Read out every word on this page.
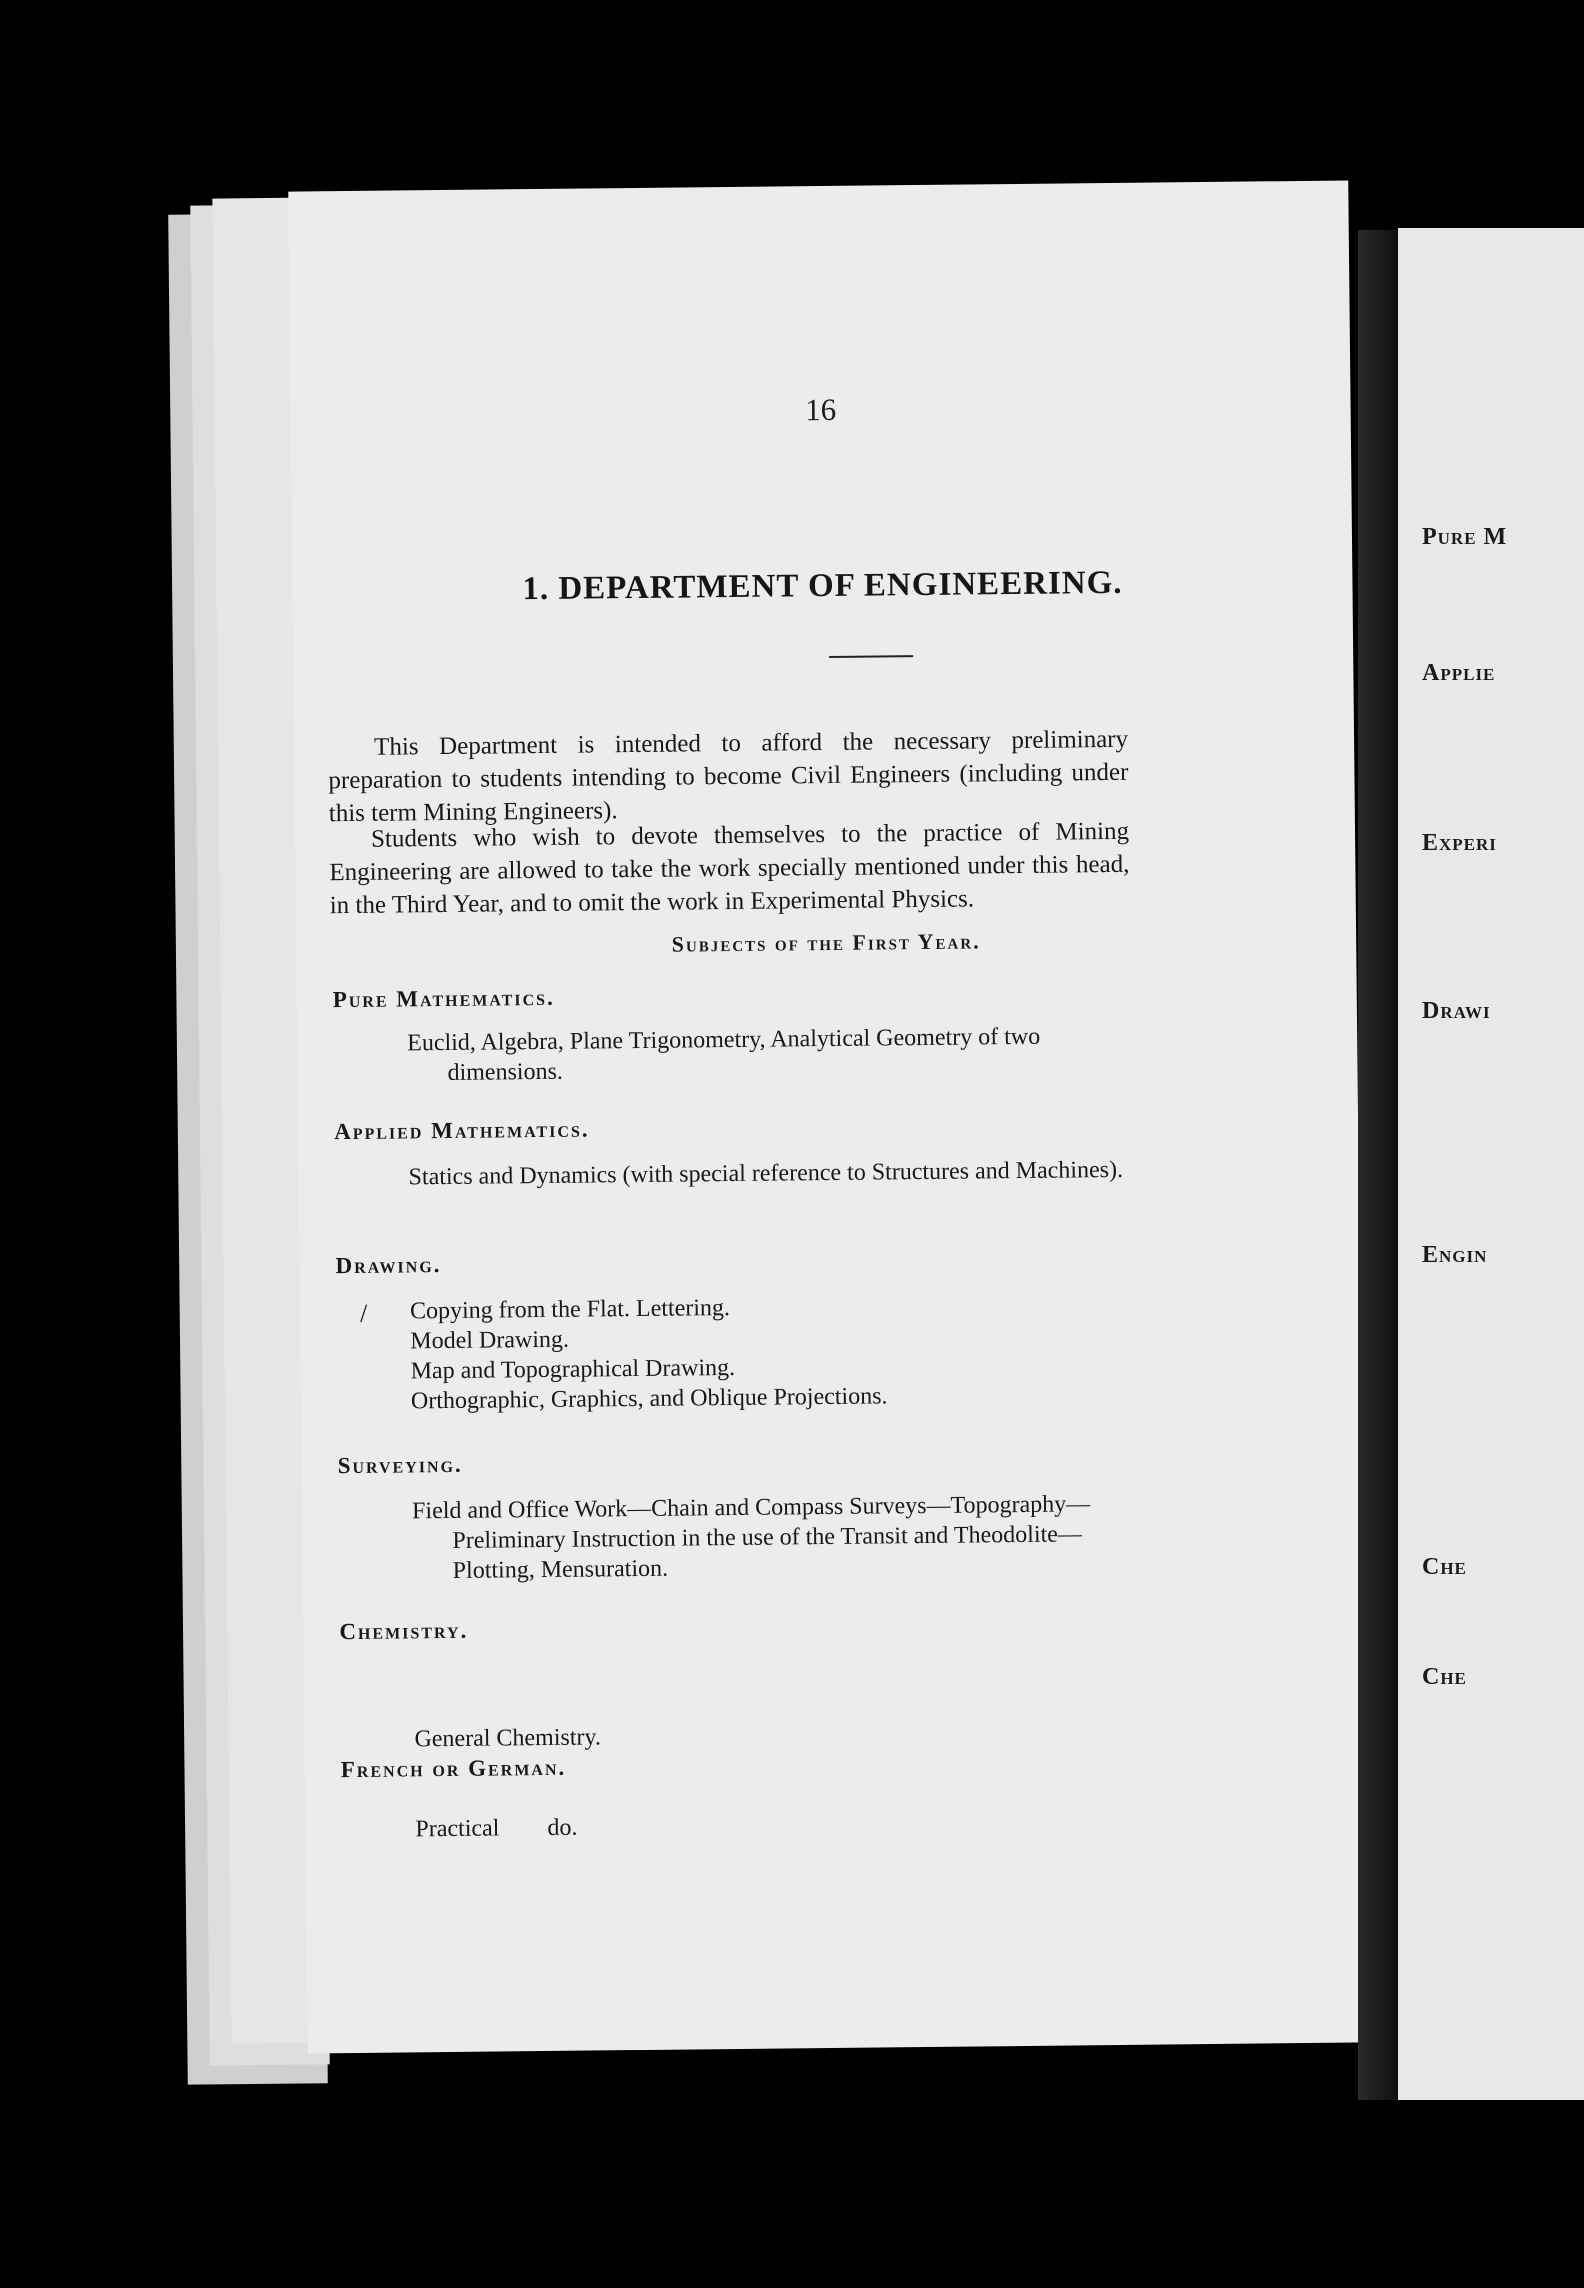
16
1. DEPARTMENT OF ENGINEERING.
This Department is intended to afford the necessary preliminary preparation to students intending to become Civil Engineers (including under this term Mining Engineers).
Students who wish to devote themselves to the practice of Mining Engineering are allowed to take the work specially mentioned under this head, in the Third Year, and to omit the work in Experimental Physics.
Subjects of the First Year.
Pure Mathematics.
Euclid, Algebra, Plane Trigonometry, Analytical Geometry of two dimensions.
Applied Mathematics.
/
Statics and Dynamics (with special reference to Structures and Machines).
Drawing.
Copying from the Flat. Lettering.
Model Drawing.
Map and Topographical Drawing.
Orthographic, Graphics, and Oblique Projections.
Surveying.
Field and Office Work—Chain and Compass Surveys—Topography—Preliminary Instruction in the use of the Transit and Theodolite—Plotting, Mensuration.
Chemistry.

General Chemistry.

Practical        do.

French or German.
Pure M
Applie
Experi
Drawi
Engin
Che
Che
